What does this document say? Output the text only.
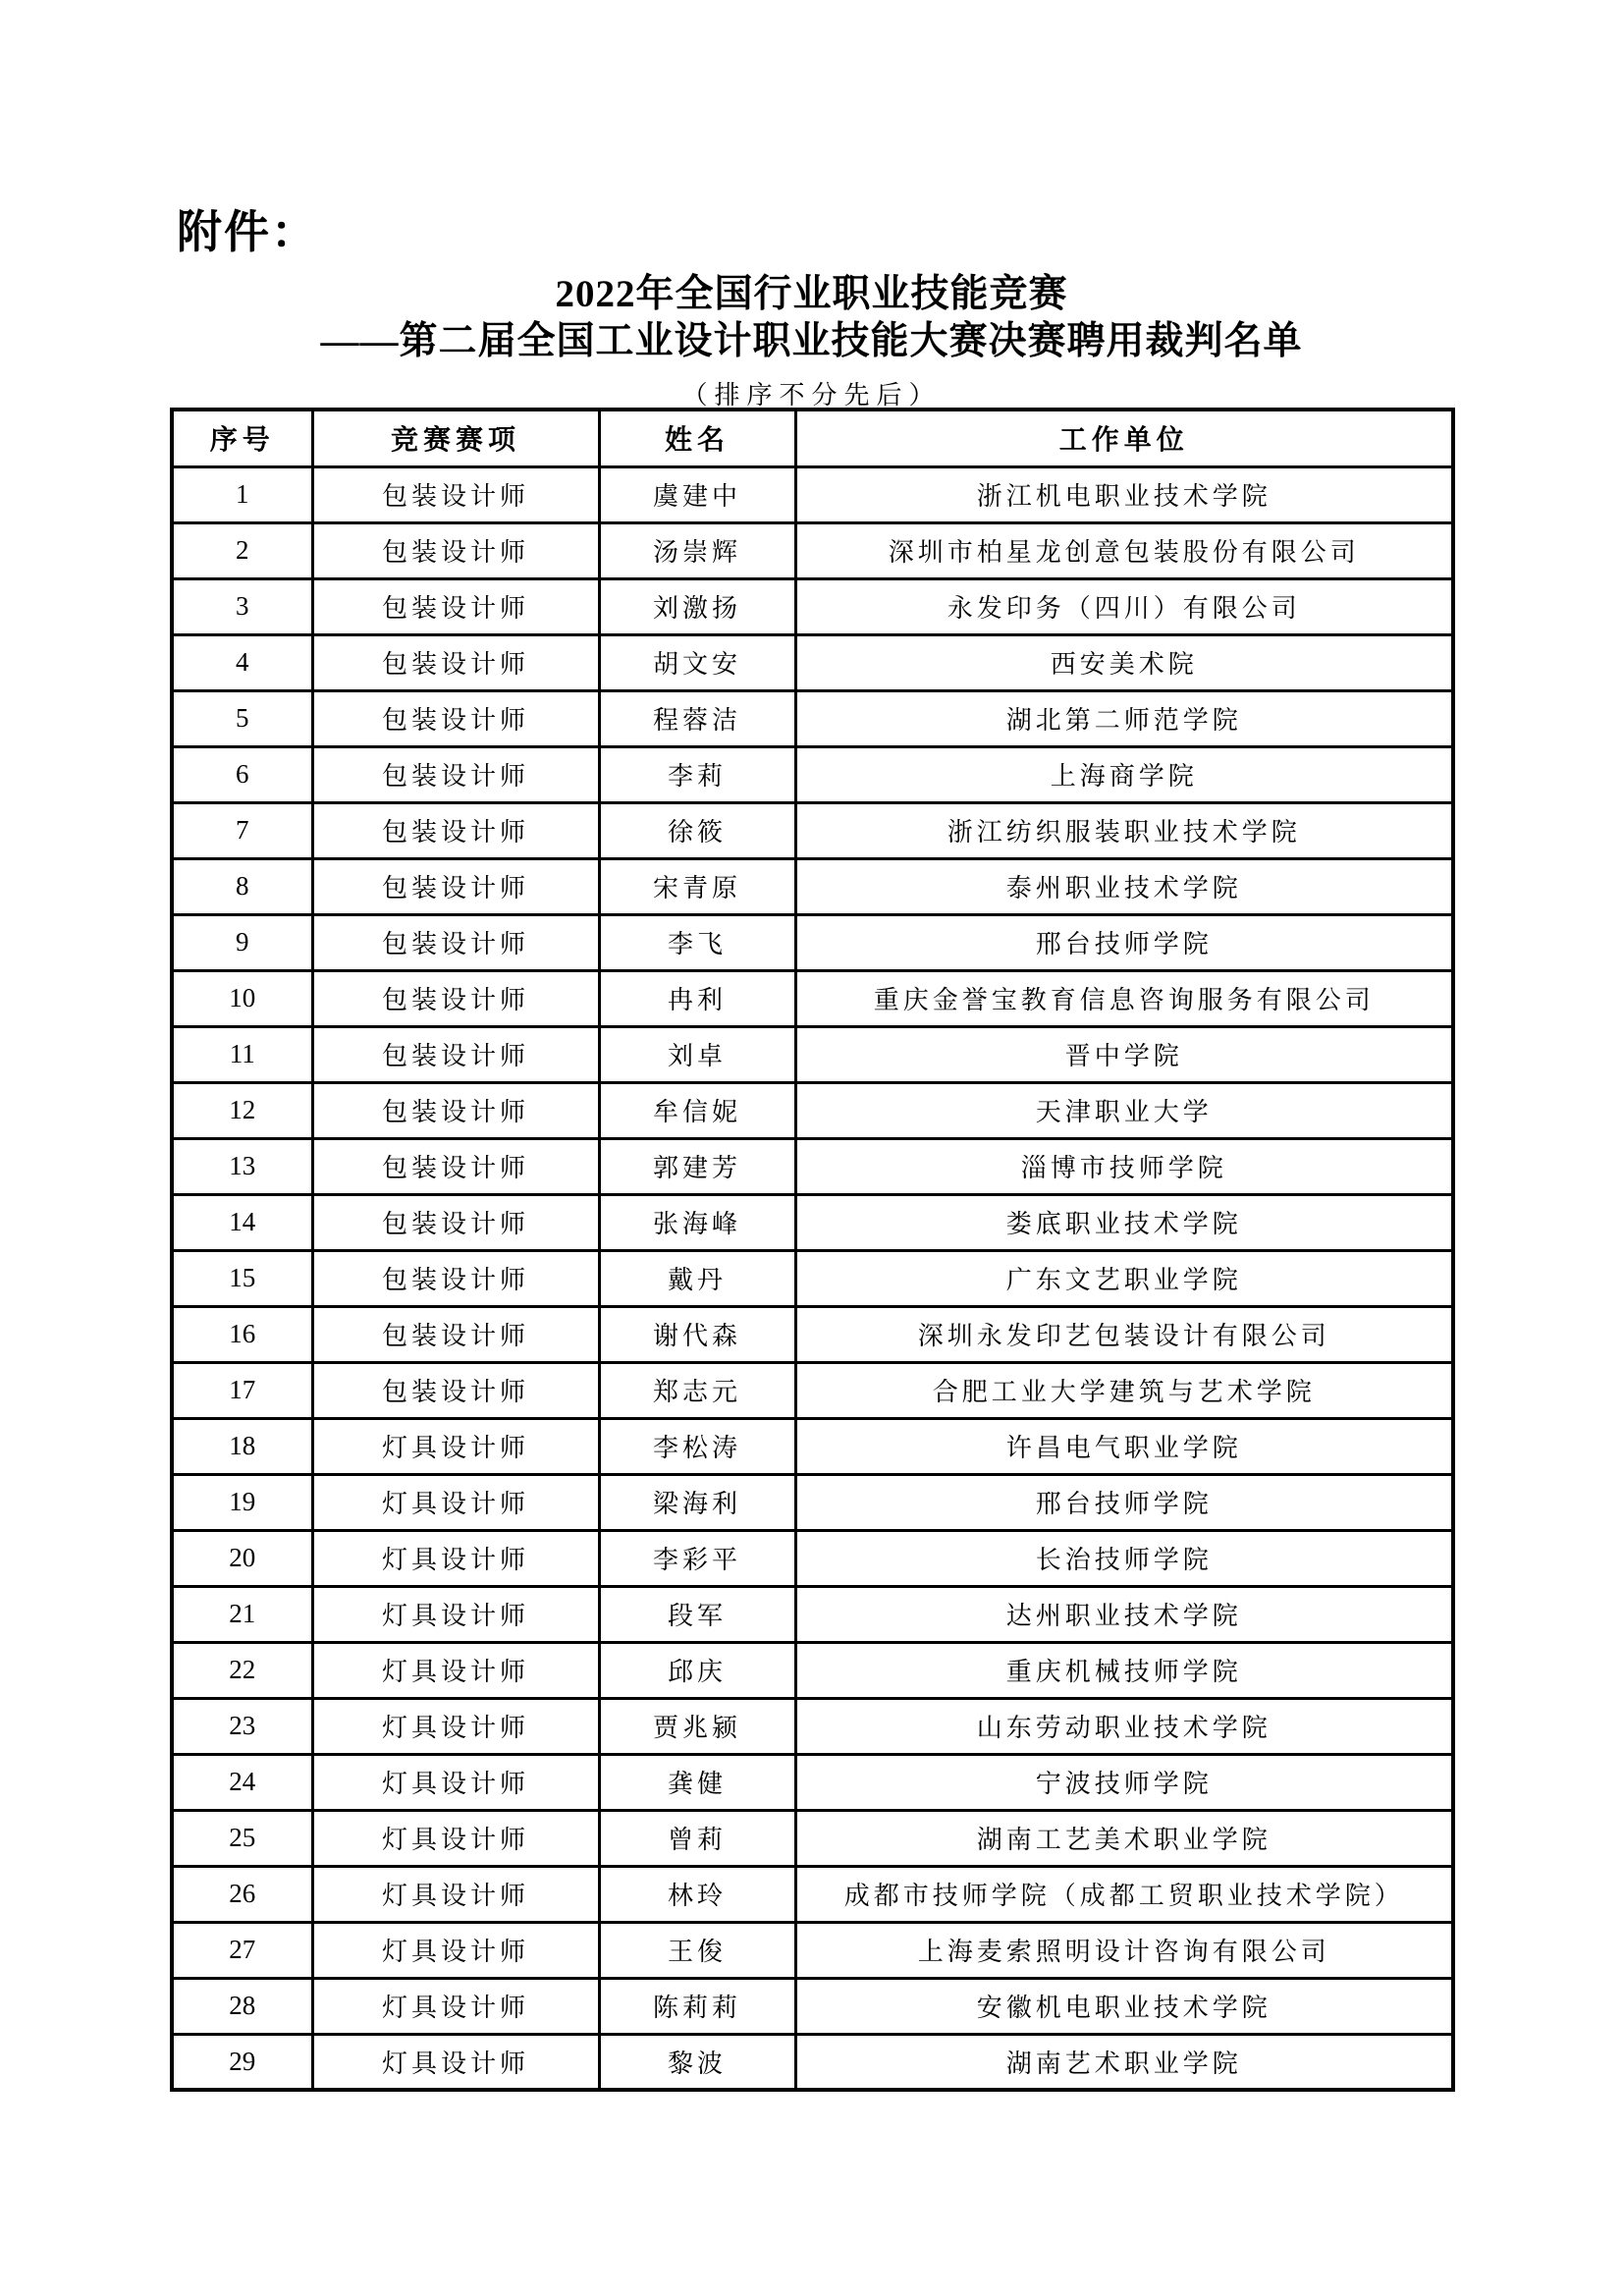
附件：
2022年全国行业职业技能竞赛
——第二届全国工业设计职业技能大赛决赛聘用裁判名单
（排序不分先后）
序号	竞赛赛项	姓名	工作单位
1	包装设计师	虞建中	浙江机电职业技术学院
2	包装设计师	汤崇辉	深圳市柏星龙创意包装股份有限公司
3	包装设计师	刘激扬	永发印务（四川）有限公司
4	包装设计师	胡文安	西安美术院
5	包装设计师	程蓉洁	湖北第二师范学院
6	包装设计师	李莉	上海商学院
7	包装设计师	徐筱	浙江纺织服装职业技术学院
8	包装设计师	宋青原	泰州职业技术学院
9	包装设计师	李飞	邢台技师学院
10	包装设计师	冉利	重庆金誉宝教育信息咨询服务有限公司
11	包装设计师	刘卓	晋中学院
12	包装设计师	牟信妮	天津职业大学
13	包装设计师	郭建芳	淄博市技师学院
14	包装设计师	张海峰	娄底职业技术学院
15	包装设计师	戴丹	广东文艺职业学院
16	包装设计师	谢代森	深圳永发印艺包装设计有限公司
17	包装设计师	郑志元	合肥工业大学建筑与艺术学院
18	灯具设计师	李松涛	许昌电气职业学院
19	灯具设计师	梁海利	邢台技师学院
20	灯具设计师	李彩平	长治技师学院
21	灯具设计师	段军	达州职业技术学院
22	灯具设计师	邱庆	重庆机械技师学院
23	灯具设计师	贾兆颍	山东劳动职业技术学院
24	灯具设计师	龚健	宁波技师学院
25	灯具设计师	曾莉	湖南工艺美术职业学院
26	灯具设计师	林玲	成都市技师学院（成都工贸职业技术学院）
27	灯具设计师	王俊	上海麦索照明设计咨询有限公司
28	灯具设计师	陈莉莉	安徽机电职业技术学院
29	灯具设计师	黎波	湖南艺术职业学院
